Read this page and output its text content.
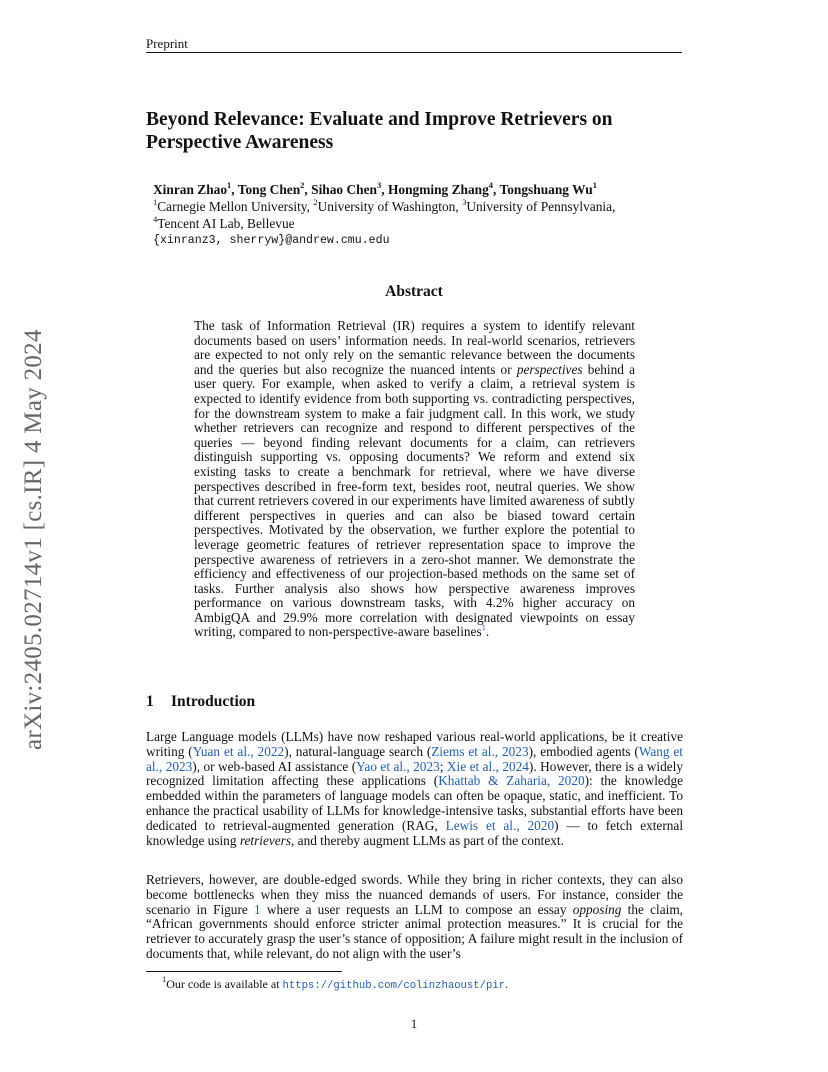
Preprint
arXiv:2405.02714v1 [cs.IR] 4 May 2024
Beyond Relevance: Evaluate and Improve Retrievers on
Perspective Awareness
Xinran Zhao$^1$, Tong Chen$^2$, Sihao Chen$^3$, Hongming Zhang$^4$, Tongshuang Wu$^1$
$^1$Carnegie Mellon University, $^2$University of Washington, $^3$University of Pennsylvania,
$^4$Tencent AI Lab, Bellevue
{xinranz3, sherryw}@andrew.cmu.edu
Abstract

The task of Information Retrieval (IR) requires a system to identify relevant documents based on users’ information needs. In real-world scenarios, retrievers are expected to not only rely on the semantic relevance between the documents and the queries but also recognize the nuanced intents or perspectives behind a user query. For example, when asked to verify a claim, a retrieval system is expected to identify evidence from both supporting vs. contradicting perspectives, for the downstream system to make a fair judgment call. In this work, we study whether retrievers can recognize and respond to different perspectives of the queries — beyond finding relevant documents for a claim, can retrievers distinguish supporting vs. opposing documents? We reform and extend six existing tasks to create a benchmark for retrieval, where we have diverse perspectives described in free-form text, besides root, neutral queries. We show that current retrievers covered in our experiments have limited awareness of subtly different perspectives in queries and can also be biased toward certain perspectives. Motivated by the observation, we further explore the potential to leverage geometric features of retriever representation space to improve the perspective awareness of retrievers in a zero-shot manner. We demonstrate the efficiency and effectiveness of our projection-based methods on the same set of tasks. Further analysis also shows how perspective awareness improves performance on various downstream tasks, with 4.2% higher accuracy on AmbigQA and 29.9% more correlation with designated viewpoints on essay writing, compared to non-perspective-aware baselines$^1$.

1 Introduction

Large Language models (LLMs) have now reshaped various real-world applications, be it creative writing (Yuan et al., 2022), natural-language search (Ziems et al., 2023), embodied agents (Wang et al., 2023), or web-based AI assistance (Yao et al., 2023; Xie et al., 2024). However, there is a widely recognized limitation affecting these applications (Khattab & Zaharia, 2020): the knowledge embedded within the parameters of language models can often be opaque, static, and inefficient. To enhance the practical usability of LLMs for knowledge-intensive tasks, substantial efforts have been dedicated to retrieval-augmented generation (RAG, Lewis et al., 2020) — to fetch external knowledge using retrievers, and thereby augment LLMs as part of the context.

Retrievers, however, are double-edged swords. While they bring in richer contexts, they can also become bottlenecks when they miss the nuanced demands of users. For instance, consider the scenario in Figure 1 where a user requests an LLM to compose an essay opposing the claim, “African governments should enforce stricter animal protection measures.” It is crucial for the retriever to accurately grasp the user’s stance of opposition; A failure might result in the inclusion of documents that, while relevant, do not align with the user’s

$^1$Our code is available at https://github.com/colinzhaoust/pir.
1
